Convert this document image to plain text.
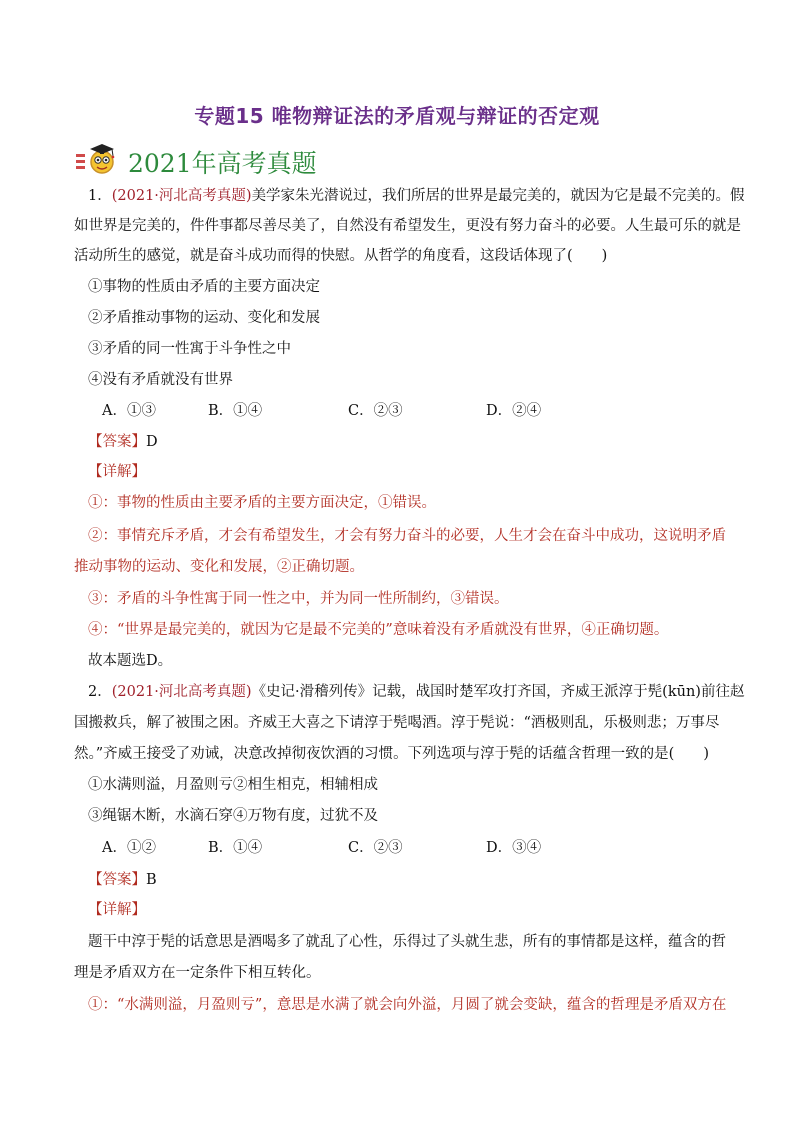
专题15 唯物辩证法的矛盾观与辩证的否定观
2021年高考真题
1．(2021·河北高考真题)美学家朱光潜说过，我们所居的世界是最完美的，就因为它是最不完美的。假
如世界是完美的，件件事都尽善尽美了，自然没有希望发生，更没有努力奋斗的必要。人生最可乐的就是
活动所生的感觉，就是奋斗成功而得的快慰。从哲学的角度看，这段话体现了(　　)
①事物的性质由矛盾的主要方面决定
②矛盾推动事物的运动、变化和发展
③矛盾的同一性寓于斗争性之中
④没有矛盾就没有世界
A．①③	B．①④	C．②③	D．②④
【答案】D
【详解】
①：事物的性质由主要矛盾的主要方面决定，①错误。
②：事情充斥矛盾，才会有希望发生，才会有努力奋斗的必要，人生才会在奋斗中成功，这说明矛盾
推动事物的运动、变化和发展，②正确切题。
③：矛盾的斗争性寓于同一性之中，并为同一性所制约，③错误。
④：“世界是最完美的，就因为它是最不完美的”意味着没有矛盾就没有世界，④正确切题。
故本题选D。
2．(2021·河北高考真题)《史记·滑稽列传》记载，战国时楚军攻打齐国，齐威王派淳于髡(kūn)前往赵
国搬救兵，解了被围之困。齐威王大喜之下请淳于髡喝酒。淳于髡说：“酒极则乱，乐极则悲；万事尽
然。”齐威王接受了劝诫，决意改掉彻夜饮酒的习惯。下列选项与淳于髡的话蕴含哲理一致的是(　　)
①水满则溢，月盈则亏②相生相克，相辅相成
③绳锯木断，水滴石穿④万物有度，过犹不及
A．①②	B．①④	C．②③	D．③④
【答案】B
【详解】
题干中淳于髡的话意思是酒喝多了就乱了心性，乐得过了头就生悲，所有的事情都是这样，蕴含的哲
理是矛盾双方在一定条件下相互转化。
①：“水满则溢，月盈则亏”，意思是水满了就会向外溢，月圆了就会变缺，蕴含的哲理是矛盾双方在
